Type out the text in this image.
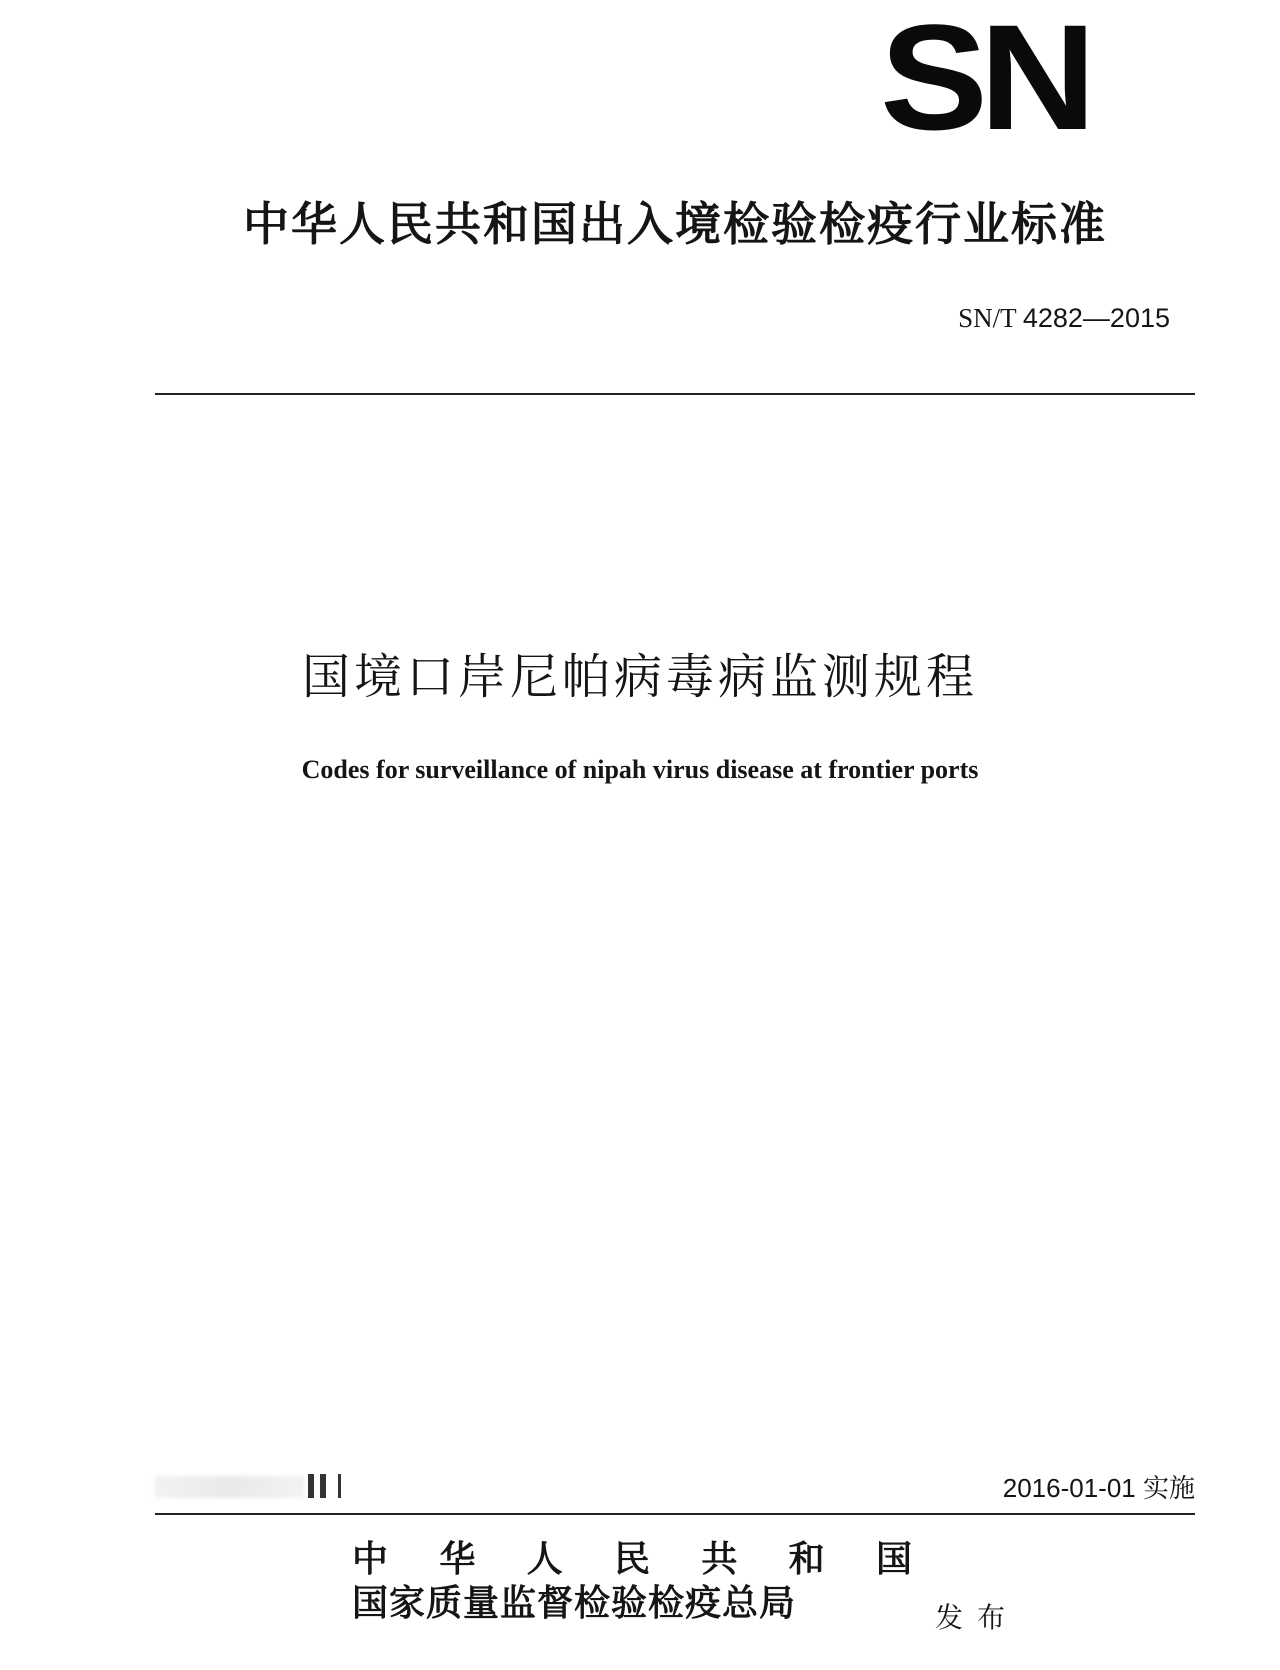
SN
中华人民共和国出入境检验检疫行业标准
SN/T 4282—2015
国境口岸尼帕病毒病监测规程
Codes for surveillance of nipah virus disease at frontier ports
2016-01-01 实施
中 华 人 民 共 和 国
国家质量监督检验检疫总局	发布
